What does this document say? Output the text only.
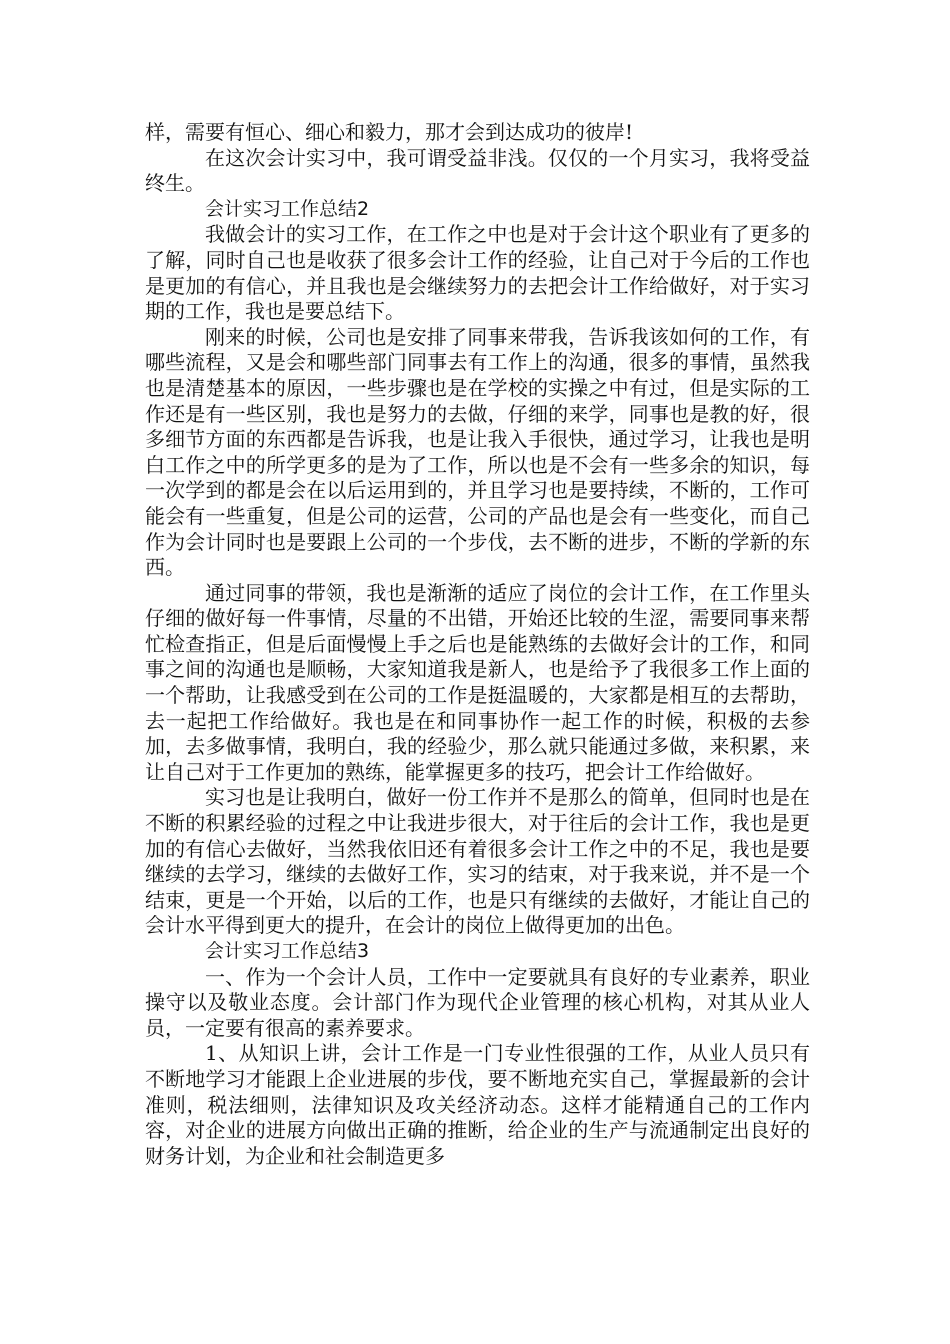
样，需要有恒心、细心和毅力，那才会到达成功的彼岸!

在这次会计实习中，我可谓受益非浅。仅仅的一个月实习，我将受益终生。

会计实习工作总结2

我做会计的实习工作，在工作之中也是对于会计这个职业有了更多的了解，同时自己也是收获了很多会计工作的经验，让自己对于今后的工作也是更加的有信心，并且我也是会继续努力的去把会计工作给做好，对于实习期的工作，我也是要总结下。

刚来的时候，公司也是安排了同事来带我，告诉我该如何的工作，有哪些流程，又是会和哪些部门同事去有工作上的沟通，很多的事情，虽然我也是清楚基本的原因，一些步骤也是在学校的实操之中有过，但是实际的工作还是有一些区别，我也是努力的去做，仔细的来学，同事也是教的好，很多细节方面的东西都是告诉我，也是让我入手很快，通过学习，让我也是明白工作之中的所学更多的是为了工作，所以也是不会有一些多余的知识，每一次学到的都是会在以后运用到的，并且学习也是要持续，不断的，工作可能会有一些重复，但是公司的运营，公司的产品也是会有一些变化，而自己作为会计同时也是要跟上公司的一个步伐，去不断的进步，不断的学新的东西。

通过同事的带领，我也是渐渐的适应了岗位的会计工作，在工作里头仔细的做好每一件事情，尽量的不出错，开始还比较的生涩，需要同事来帮忙检查指正，但是后面慢慢上手之后也是能熟练的去做好会计的工作，和同事之间的沟通也是顺畅，大家知道我是新人，也是给予了我很多工作上面的一个帮助，让我感受到在公司的工作是挺温暖的，大家都是相互的去帮助，去一起把工作给做好。我也是在和同事协作一起工作的时候，积极的去参加，去多做事情，我明白，我的经验少，那么就只能通过多做，来积累，来让自己对于工作更加的熟练，能掌握更多的技巧，把会计工作给做好。

实习也是让我明白，做好一份工作并不是那么的简单，但同时也是在不断的积累经验的过程之中让我进步很大，对于往后的会计工作，我也是更加的有信心去做好，当然我依旧还有着很多会计工作之中的不足，我也是要继续的去学习，继续的去做好工作，实习的结束，对于我来说，并不是一个结束，更是一个开始，以后的工作，也是只有继续的去做好，才能让自己的会计水平得到更大的提升，在会计的岗位上做得更加的出色。

会计实习工作总结3

一、作为一个会计人员，工作中一定要就具有良好的专业素养，职业操守以及敬业态度。会计部门作为现代企业管理的核心机构，对其从业人员，一定要有很高的素养要求。

1、从知识上讲，会计工作是一门专业性很强的工作，从业人员只有不断地学习才能跟上企业进展的步伐，要不断地充实自己，掌握最新的会计准则，税法细则，法律知识及攻关经济动态。这样才能精通自己的工作内容，对企业的进展方向做出正确的推断，给企业的生产与流通制定出良好的财务计划，为企业和社会制造更多
